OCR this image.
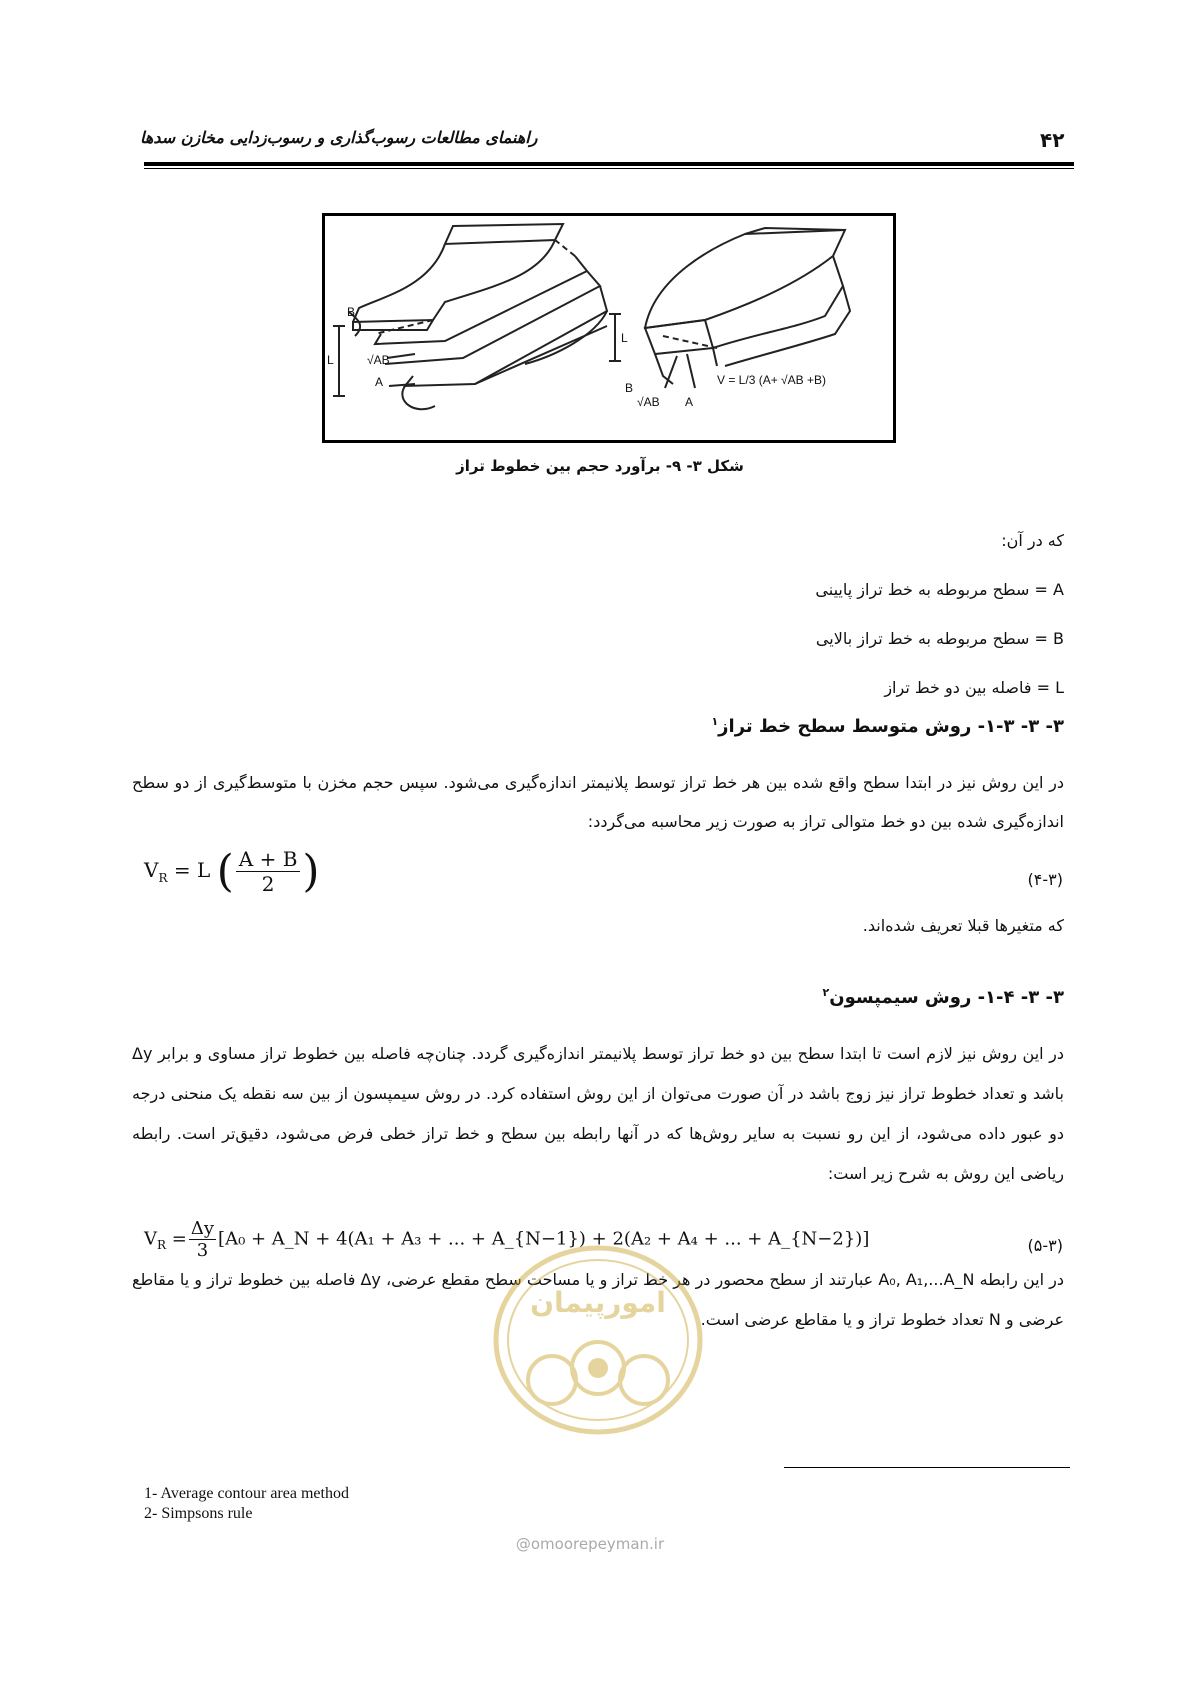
۴۲
راهنمای مطالعات رسوب‌گذاری و رسوب‌زدایی مخازن سدها
B
L	√AB
A
L
B
√AB A
V = L/3 (A+ √AB +B)
شکل ۳- ۹- برآورد حجم بین خطوط تراز
که در آن:
A = سطح مربوطه به خط تراز پایینی
B = سطح مربوطه به خط تراز بالایی
L = فاصله بین دو خط تراز
۳- ۳- ۱-۳- روش متوسط سطح خط تراز$^۱$
در این روش نیز در ابتدا سطح واقع شده بین هر خط تراز توسط پلانیمتر اندازه‌گیری می‌شود. سپس حجم مخزن با متوسط‌گیری از دو سطح اندازه‌گیری شده بین دو خط متوالی تراز به صورت زیر محاسبه می‌گردد:
$V_R = L$ ( $\frac{A + B}{2}$ )	(۴-۳)
که متغیرها قبلا تعریف شده‌اند.
۳- ۳- ۱-۴- روش سیمپسون$^۲$
در این روش نیز لازم است تا ابتدا سطح بین دو خط تراز توسط پلانیمتر اندازه‌گیری گردد. چنان‌چه فاصله بین خطوط تراز مساوی و برابر Δy باشد و تعداد خطوط تراز نیز زوج باشد در آن صورت می‌توان از این روش استفاده کرد. در روش سیمپسون از بین سه نقطه یک منحنی درجه دو عبور داده می‌شود، از این رو نسبت به سایر روش‌ها که در آنها رابطه بین سطح و خط تراز خطی فرض می‌شود، دقیق‌تر است. رابطه ریاضی این روش به شرح زیر است:
$V_R = \frac{\Delta y}{3} [A_0$ + A_N + 4(A₁ + A₃ + ... + A_{N−1}) + 2(A₂ + A₄ + ... + A_{N−2})]	(۵-۳)
در این رابطه A₀, A₁,...A_N عبارتند از سطح محصور در هر خط تراز و یا مساحت سطح مقطع عرضی، Δy فاصله بین خطوط تراز و یا مقاطع عرضی و N تعداد خطوط تراز و یا مقاطع عرضی است.
امورپیمان
@omoorepeyman.ir
1- Average contour area method
2- Simpsons rule
